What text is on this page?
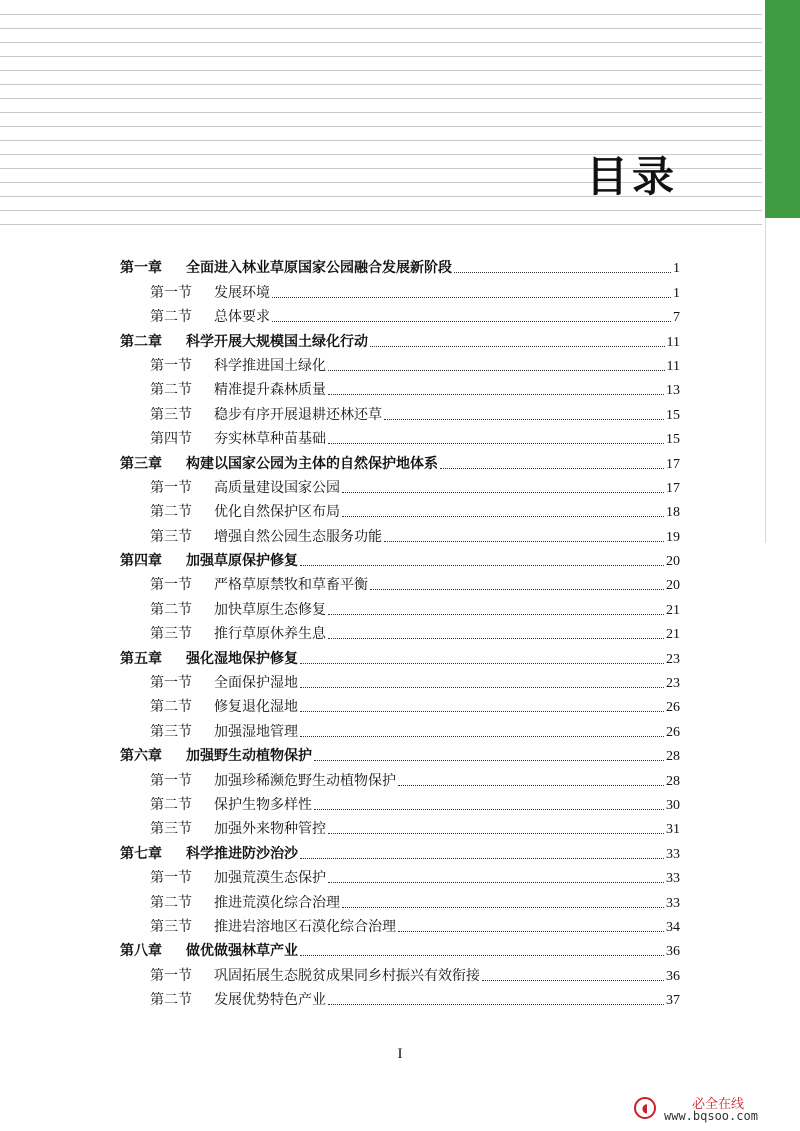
目录
第一章	全面进入林业草原国家公园融合发展新阶段	1
第一节	发展环境	1
第二节	总体要求	7
第二章	科学开展大规模国土绿化行动	11
第一节	科学推进国土绿化	11
第二节	精准提升森林质量	13
第三节	稳步有序开展退耕还林还草	15
第四节	夯实林草种苗基础	15
第三章	构建以国家公园为主体的自然保护地体系	17
第一节	高质量建设国家公园	17
第二节	优化自然保护区布局	18
第三节	增强自然公园生态服务功能	19
第四章	加强草原保护修复	20
第一节	严格草原禁牧和草畜平衡	20
第二节	加快草原生态修复	21
第三节	推行草原休养生息	21
第五章	强化湿地保护修复	23
第一节	全面保护湿地	23
第二节	修复退化湿地	26
第三节	加强湿地管理	26
第六章	加强野生动植物保护	28
第一节	加强珍稀濒危野生动植物保护	28
第二节	保护生物多样性	30
第三节	加强外来物种管控	31
第七章	科学推进防沙治沙	33
第一节	加强荒漠生态保护	33
第二节	推进荒漠化综合治理	33
第三节	推进岩溶地区石漠化综合治理	34
第八章	做优做强林草产业	36
第一节	巩固拓展生态脱贫成果同乡村振兴有效衔接	36
第二节	发展优势特色产业	37
I
◖	必全在线
www.bqsoo.com
